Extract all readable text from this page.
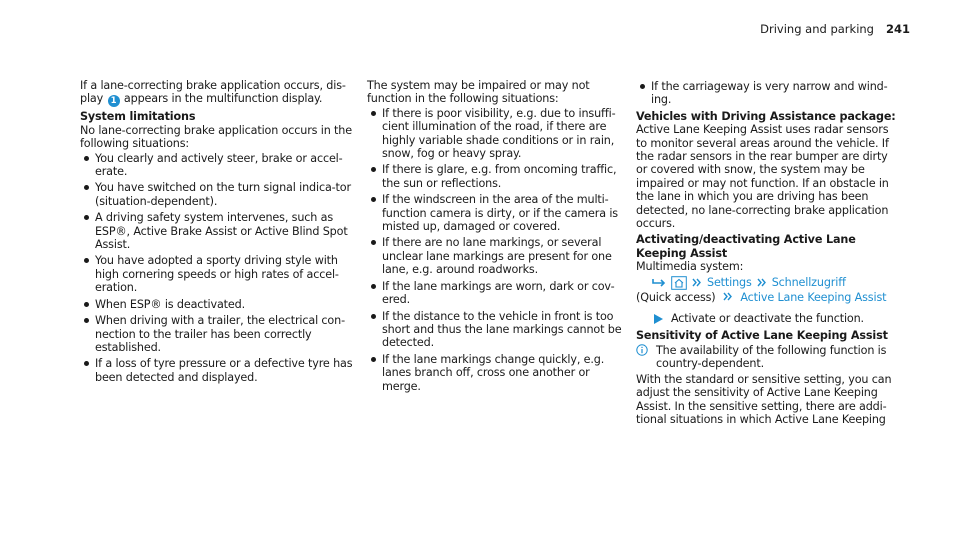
Driving and parking 241

If a lane-correcting brake application occurs, dis-play 1 appears in the multifunction display.

System limitations

No lane-correcting brake application occurs in the following situations:

You clearly and actively steer, brake or accel-erate.
You have switched on the turn signal indica-tor (situation-dependent).
A driving safety system intervenes, such as ESP®, Active Brake Assist or Active Blind Spot Assist.
You have adopted a sporty driving style with high cornering speeds or high rates of accel-eration.
When ESP® is deactivated.
When driving with a trailer, the electrical con-nection to the trailer has been correctly established.
If a loss of tyre pressure or a defective tyre has been detected and displayed.

The system may be impaired or may not function in the following situations:

If there is poor visibility, e.g. due to insuffi-cient illumination of the road, if there are highly variable shade conditions or in rain, snow, fog or heavy spray.
If there is glare, e.g. from oncoming traffic, the sun or reflections.
If the windscreen in the area of the multi-function camera is dirty, or if the camera is misted up, damaged or covered.
If there are no lane markings, or several unclear lane markings are present for one lane, e.g. around roadworks.
If the lane markings are worn, dark or cov-ered.
If the distance to the vehicle in front is too short and thus the lane markings cannot be detected.
If the lane markings change quickly, e.g. lanes branch off, cross one another or merge.
If the carriageway is very narrow and wind-ing.

Vehicles with Driving Assistance package:

Active Lane Keeping Assist uses radar sensors to monitor several areas around the vehicle. If the radar sensors in the rear bumper are dirty or covered with snow, the system may be impaired or may not function. If an obstacle in the lane in which you are driving has been detected, no lane-correcting brake application occurs.

Activating/deactivating Active Lane Keeping Assist

Multimedia system:

Settings Schnellzugriff

(Quick access) Active Lane Keeping Assist

Activate or deactivate the function.

Sensitivity of Active Lane Keeping Assist

The availability of the following function is country-dependent.

With the standard or sensitive setting, you can adjust the sensitivity of Active Lane Keeping Assist. In the sensitive setting, there are addi-tional situations in which Active Lane Keeping
